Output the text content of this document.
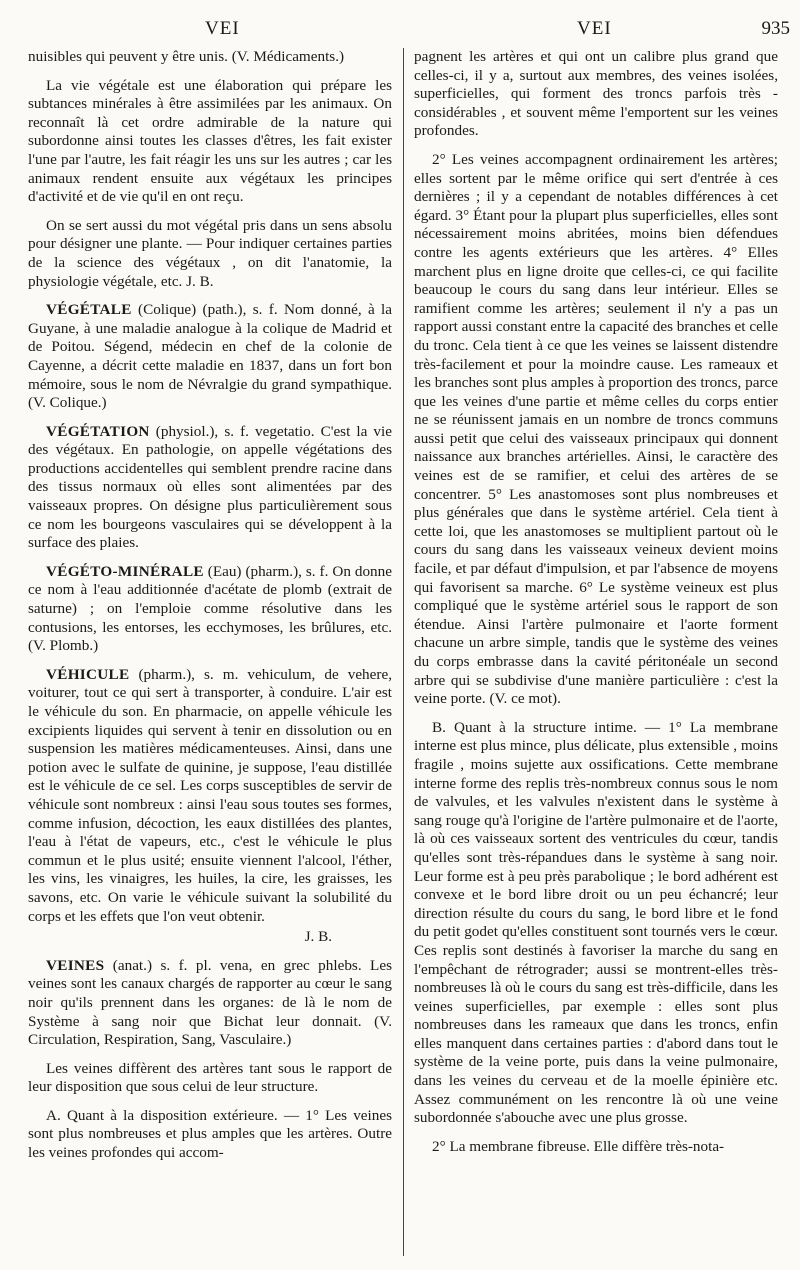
VEI	VEI	935

nuisibles qui peuvent y être unis. (V. Médicaments.)

La vie végétale est une élaboration qui prépare les subtances minérales à être assimilées par les animaux. On reconnaît là cet ordre admirable de la nature qui subordonne ainsi toutes les classes d'êtres, les fait exister l'une par l'autre, les fait réagir les uns sur les autres ; car les animaux rendent ensuite aux végétaux les principes d'activité et de vie qu'il en ont reçu.

On se sert aussi du mot végétal pris dans un sens absolu pour désigner une plante. — Pour indiquer certaines parties de la science des végétaux , on dit l'anatomie, la physiologie végétale, etc. J. B.

VÉGÉTALE (Colique) (path.), s. f. Nom donné, à la Guyane, à une maladie analogue à la colique de Madrid et de Poitou. Ségend, médecin en chef de la colonie de Cayenne, a décrit cette maladie en 1837, dans un fort bon mémoire, sous le nom de Névralgie du grand sympathique. (V. Colique.)

VÉGÉTATION (physiol.), s. f. vegetatio. C'est la vie des végétaux. En pathologie, on appelle végétations des productions accidentelles qui semblent prendre racine dans des tissus normaux où elles sont alimentées par des vaisseaux propres. On désigne plus particulièrement sous ce nom les bourgeons vasculaires qui se développent à la surface des plaies.

VÉGÉTO-MINÉRALE (Eau) (pharm.), s. f. On donne ce nom à l'eau additionnée d'acétate de plomb (extrait de saturne) ; on l'emploie comme résolutive dans les contusions, les entorses, les ecchymoses, les brûlures, etc. (V. Plomb.)

VÉHICULE (pharm.), s. m. vehiculum, de vehere, voiturer, tout ce qui sert à transporter, à conduire. L'air est le véhicule du son. En pharmacie, on appelle véhicule les excipients liquides qui servent à tenir en dissolution ou en suspension les matières médicamenteuses. Ainsi, dans une potion avec le sulfate de quinine, je suppose, l'eau distillée est le véhicule de ce sel. Les corps susceptibles de servir de véhicule sont nombreux : ainsi l'eau sous toutes ses formes, comme infusion, décoction, les eaux distillées des plantes, l'eau à l'état de vapeurs, etc., c'est le véhicule le plus commun et le plus usité; ensuite viennent l'alcool, l'éther, les vins, les vinaigres, les huiles, la cire, les graisses, les savons, etc. On varie le véhicule suivant la solubilité du corps et les effets que l'on veut obtenir.

J. B.

VEINES (anat.) s. f. pl. vena, en grec phlebs. Les veines sont les canaux chargés de rapporter au cœur le sang noir qu'ils prennent dans les organes: de là le nom de Système à sang noir que Bichat leur donnait. (V. Circulation, Respiration, Sang, Vasculaire.)

Les veines diffèrent des artères tant sous le rapport de leur disposition que sous celui de leur structure.

A. Quant à la disposition extérieure. — 1° Les veines sont plus nombreuses et plus amples que les artères. Outre les veines profondes qui accom-

pagnent les artères et qui ont un calibre plus grand que celles-ci, il y a, surtout aux membres, des veines isolées, superficielles, qui forment des troncs parfois très - considérables , et souvent même l'emportent sur les veines profondes.

2° Les veines accompagnent ordinairement les artères; elles sortent par le même orifice qui sert d'entrée à ces dernières ; il y a cependant de notables différences à cet égard. 3° Étant pour la plupart plus superficielles, elles sont nécessairement moins abritées, moins bien défendues contre les agents extérieurs que les artères. 4° Elles marchent plus en ligne droite que celles-ci, ce qui facilite beaucoup le cours du sang dans leur intérieur. Elles se ramifient comme les artères; seulement il n'y a pas un rapport aussi constant entre la capacité des branches et celle du tronc. Cela tient à ce que les veines se laissent distendre très-facilement et pour la moindre cause. Les rameaux et les branches sont plus amples à proportion des troncs, parce que les veines d'une partie et même celles du corps entier ne se réunissent jamais en un nombre de troncs communs aussi petit que celui des vaisseaux principaux qui donnent naissance aux branches artérielles. Ainsi, le caractère des veines est de se ramifier, et celui des artères de se concentrer. 5° Les anastomoses sont plus nombreuses et plus générales que dans le système artériel. Cela tient à cette loi, que les anastomoses se multiplient partout où le cours du sang dans les vaisseaux veineux devient moins facile, et par défaut d'impulsion, et par l'absence de moyens qui favorisent sa marche. 6° Le système veineux est plus compliqué que le système artériel sous le rapport de son étendue. Ainsi l'artère pulmonaire et l'aorte forment chacune un arbre simple, tandis que le système des veines du corps embrasse dans la cavité péritonéale un second arbre qui se subdivise d'une manière particulière : c'est la veine porte. (V. ce mot).

B. Quant à la structure intime. — 1° La membrane interne est plus mince, plus délicate, plus extensible , moins fragile , moins sujette aux ossifications. Cette membrane interne forme des replis très-nombreux connus sous le nom de valvules, et les valvules n'existent dans le système à sang rouge qu'à l'origine de l'artère pulmonaire et de l'aorte, là où ces vaisseaux sortent des ventricules du cœur, tandis qu'elles sont très-répandues dans le système à sang noir. Leur forme est à peu près parabolique ; le bord adhérent est convexe et le bord libre droit ou un peu échancré; leur direction résulte du cours du sang, le bord libre et le fond du petit godet qu'elles constituent sont tournés vers le cœur. Ces replis sont destinés à favoriser la marche du sang en l'empêchant de rétrograder; aussi se montrent-elles très-nombreuses là où le cours du sang est très-difficile, dans les veines superficielles, par exemple : elles sont plus nombreuses dans les rameaux que dans les troncs, enfin elles manquent dans certaines parties : d'abord dans tout le système de la veine porte, puis dans la veine pulmonaire, dans les veines du cerveau et de la moelle épinière etc. Assez communément on les rencontre là où une veine subordonnée s'abouche avec une plus grosse.

2° La membrane fibreuse. Elle diffère très-nota-
